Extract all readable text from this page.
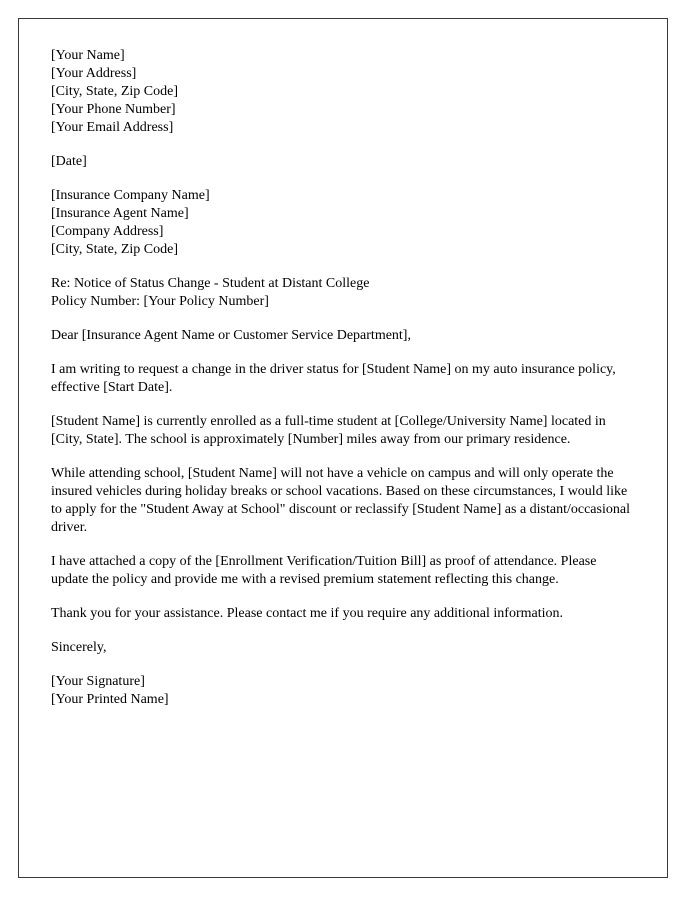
[Your Name]
[Your Address]
[City, State, Zip Code]
[Your Phone Number]
[Your Email Address]
[Date]
[Insurance Company Name]
[Insurance Agent Name]
[Company Address]
[City, State, Zip Code]
Re: Notice of Status Change - Student at Distant College
Policy Number: [Your Policy Number]
Dear [Insurance Agent Name or Customer Service Department],

I am writing to request a change in the driver status for [Student Name] on my auto insurance policy, effective [Start Date].

[Student Name] is currently enrolled as a full-time student at [College/University Name] located in [City, State]. The school is approximately [Number] miles away from our primary residence.

While attending school, [Student Name] will not have a vehicle on campus and will only operate the insured vehicles during holiday breaks or school vacations. Based on these circumstances, I would like to apply for the "Student Away at School" discount or reclassify [Student Name] as a distant/occasional driver.

I have attached a copy of the [Enrollment Verification/Tuition Bill] as proof of attendance. Please update the policy and provide me with a revised premium statement reflecting this change.

Thank you for your assistance. Please contact me if you require any additional information.

Sincerely,
[Your Signature]
[Your Printed Name]
